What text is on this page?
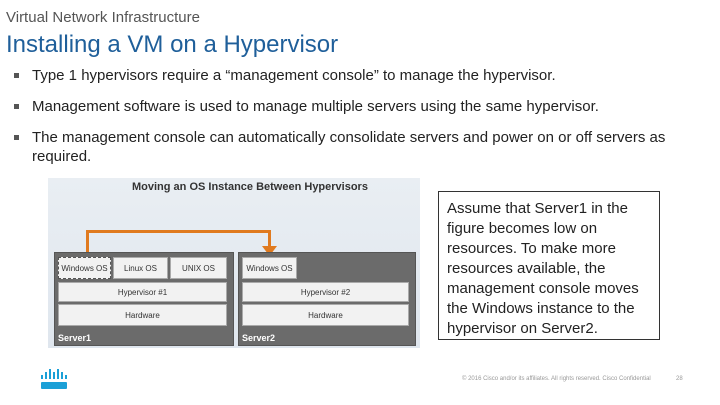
Virtual Network Infrastructure
Installing a VM on a Hypervisor
Type 1 hypervisors require a “management console” to manage the hypervisor.
Management software is used to manage multiple servers using the same hypervisor.
The management console can automatically consolidate servers and power on or off servers as required.
Moving an OS Instance Between Hypervisors
Windows OS	Linux OS	UNIX OS
Hypervisor #1
Hardware
Server1
Windows OS
Hypervisor #2
Hardware
Server2
Assume that Server1 in the figure becomes low on resources. To make more resources available, the management console moves the Windows instance to the hypervisor on Server2.
© 2016 Cisco and/or its affiliates. All rights reserved. Cisco Confidential	28
